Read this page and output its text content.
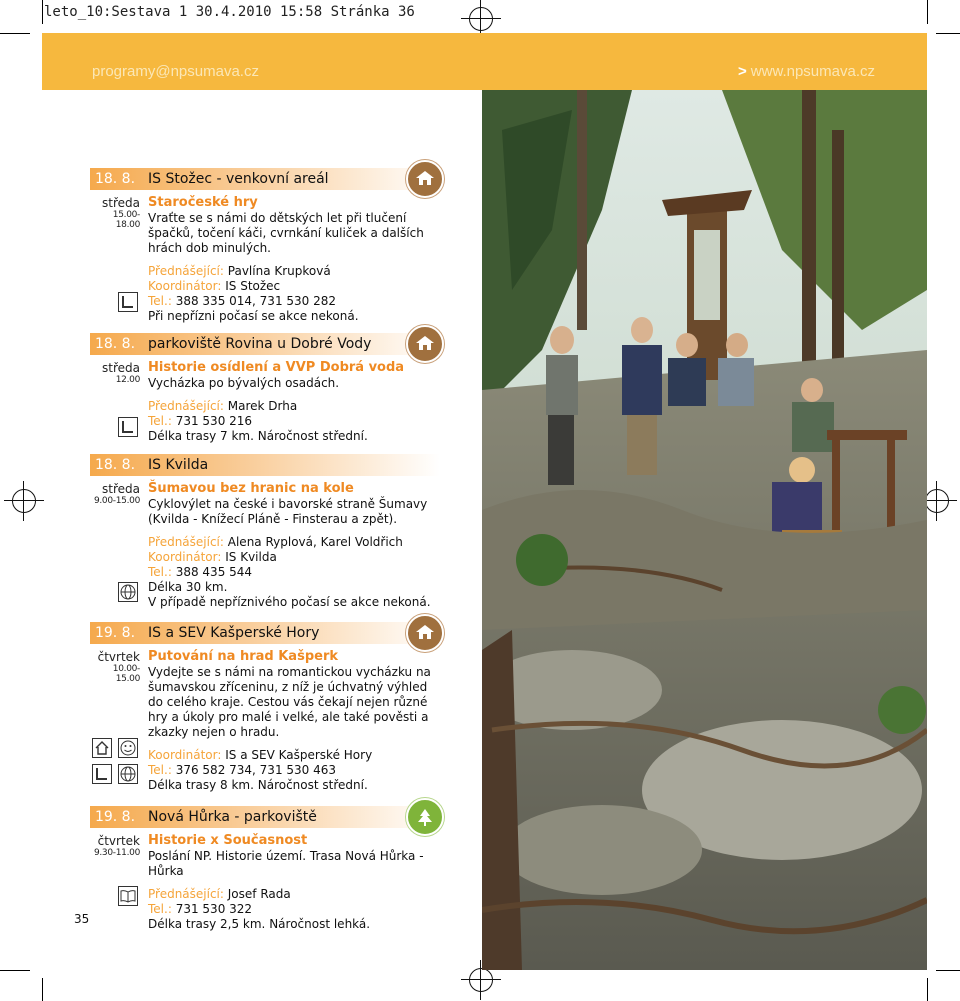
leto_10:Sestava 1 30.4.2010 15:58 Stránka 36
programy@npsumava.cz	> www.npsumava.cz
18. 8. IS Stožec - venkovní areál
středa
15.00-18.00
Staročeské hry
Vraťte se s námi do dětských let při tlučení špačků, točení káči, cvrnkání kuliček a dalších hrách dob minulých.
Přednášející: Pavlína Krupková
Koordinátor: IS Stožec
Tel.: 388 335 014, 731 530 282
Při nepřízni počasí se akce nekoná.
18. 8. parkoviště Rovina u Dobré Vody
středa
12.00
Historie osídlení a VVP Dobrá voda
Vycházka po bývalých osadách.
Přednášející: Marek Drha
Tel.: 731 530 216
Délka trasy 7 km. Náročnost střední.
18. 8. IS Kvilda
středa
9.00-15.00
Šumavou bez hranic na kole
Cyklovýlet na české i bavorské straně Šumavy (Kvilda - Knížecí Pláně - Finsterau a zpět).
Přednášející: Alena Ryplová, Karel Voldřich
Koordinátor: IS Kvilda
Tel.: 388 435 544
Délka 30 km.
V případě nepříznivého počasí se akce nekoná.
19. 8. IS a SEV Kašperské Hory
čtvrtek
10.00-15.00
Putování na hrad Kašperk
Vydejte se s námi na romantickou vycházku na šumavskou zříceninu, z níž je úchvatný výhled do celého kraje. Cestou vás čekají nejen různé hry a úkoly pro malé i velké, ale také pověsti a zkazky nejen o hradu.
Koordinátor: IS a SEV Kašperské Hory
Tel.: 376 582 734, 731 530 463
Délka trasy 8 km. Náročnost střední.
19. 8. Nová Hůrka - parkoviště
čtvrtek
9.30-11.00
Historie x Současnost
Poslání NP. Historie území. Trasa Nová Hůrka - Hůrka
Přednášející: Josef Rada
Tel.: 731 530 322
Délka trasy 2,5 km. Náročnost lehká.
35
